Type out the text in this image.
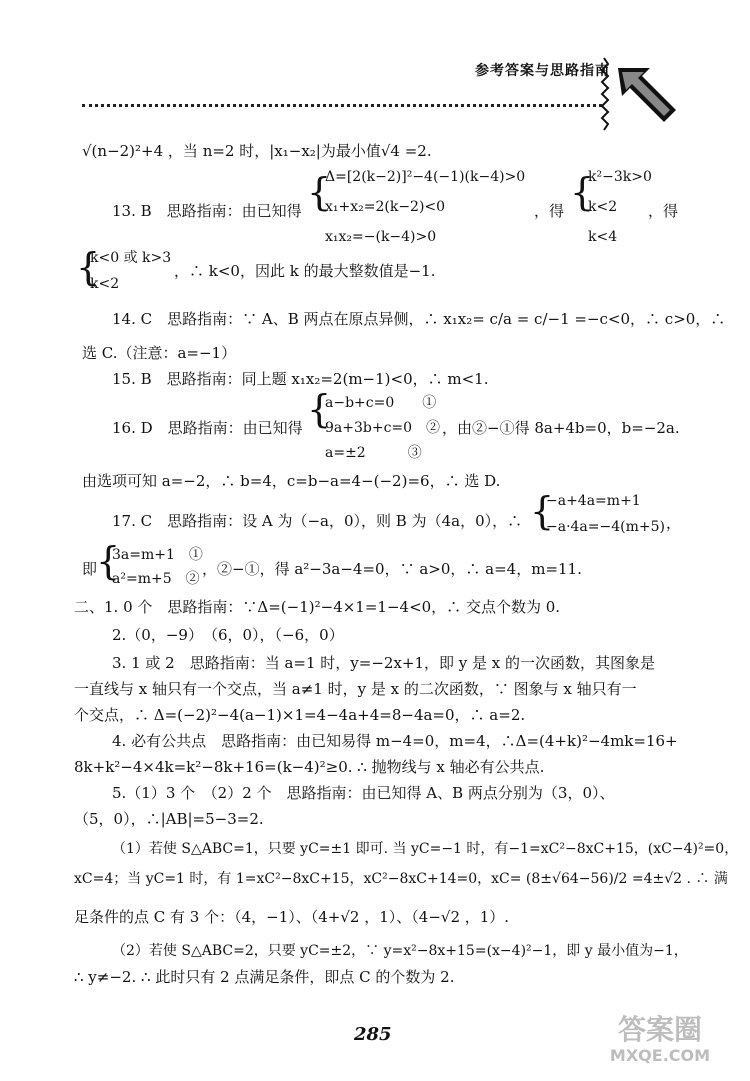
参考答案与思路指南
√(n−2)²+4 ，当 n=2 时，|x₁−x₂|为最小值√4 =2.
13. B　思路指南：由已知得 {
Δ=[2(k−2)]²−4(−1)(k−4)>0
x₁+x₂=2(k−2)<0
x₁x₂=−(k−4)>0
，得 {
k²−3k>0
k<2
k<4
，得
{
k<0 或 k>3
k<2
，∴ k<0，因此 k 的最大整数值是−1.
14. C　思路指南：∵ A、B 两点在原点异侧，∴ x₁x₂= c/a = c/−1 =−c<0，∴ c>0，∴
选 C.（注意：a=−1）
15. B　思路指南：同上题 x₁x₂=2(m−1)<0，∴ m<1.
16. D　思路指南：由已知得 {
a−b+c=0　　①
9a+3b+c=0　②
a=±2　　　③
，由②−①得 8a+4b=0，b=−2a.
由选项可知 a=−2，∴ b=4，c=b−a=4−(−2)=6，∴ 选 D.
17. C　思路指南：设 A 为（−a，0），则 B 为（4a，0），∴ {
−a+4a=m+1
−a·4a=−4(m+5) ，
即
{
3a=m+1　①
a²=m+5　②
，②−①，得 a²−3a−4=0，∵ a>0，∴ a=4，m=11.
二、1. 0 个　思路指南：∵Δ=(−1)²−4×1=1−4<0，∴ 交点个数为 0.
2.（0，−9）　（6，0），（−6，0）
3. 1 或 2　思路指南：当 a=1 时，y=−2x+1，即 y 是 x 的一次函数，其图象是
一直线与 x 轴只有一个交点，当 a≠1 时，y 是 x 的二次函数，∵ 图象与 x 轴只有一
个交点，∴ Δ=(−2)²−4(a−1)×1=4−4a+4=8−4a=0，∴ a=2.
4. 必有公共点　思路指南：由已知易得 m−4=0，m=4，∴Δ=(4+k)²−4mk=16+
8k+k²−4×4k=k²−8k+16=(k−4)²≥0. ∴ 抛物线与 x 轴必有公共点.
5.（1）3 个　（2）2 个　思路指南：由已知得 A、B 两点分别为（3，0）、
（5，0），∴|AB|=5−3=2.
（1）若使 S△ABC=1，只要 yC=±1 即可. 当 yC=−1 时，有−1=xC²−8xC+15，(xC−4)²=0，
xC=4；当 yC=1 时，有 1=xC²−8xC+15，xC²−8xC+14=0，xC= (8±√64−56)/2 =4±√2 . ∴ 满
足条件的点 C 有 3 个：（4，−1）、（4+√2 ，1）、（4−√2 ，1）.
（2）若使 S△ABC=2，只要 yC=±2，∵ y=x²−8x+15=(x−4)²−1，即 y 最小值为−1，
∴ y≠−2. ∴ 此时只有 2 点满足条件，即点 C 的个数为 2.
285	答案圈
MXQE.COM
